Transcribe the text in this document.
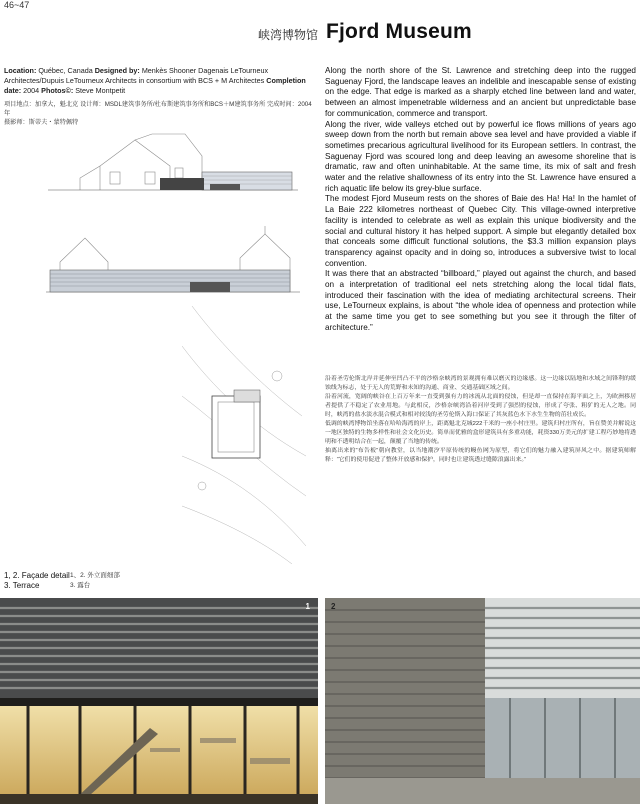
46~47
峡湾博物馆 Fjord Museum
Location: Québec, Canada Designed by: Menkès Shooner Dagenais LeTourneux Architectes/Dupuis LeTourneux Architects in consortium with BCS + M Architectes Completion date: 2004 Photos©: Steve Montpetit
项目地点：加拿大，魁北克 设计师：MSDL建筑事务所/杜布斯建筑事务所和BCS＋M建筑事务所 完成时间：2004年
摄影师：斯蒂夫・蒙特佩特

Along the north shore of the St. Lawrence and stretching deep into the rugged Saguenay Fjord, the landscape leaves an indelible and inescapable sense of existing on the edge. That edge is marked as a sharply etched line between land and water, between an almost impenetrable wilderness and an ancient but unpredictable base for communication, commerce and transport.

Along the river, wide valleys etched out by powerful ice flows millions of years ago sweep down from the north but remain above sea level and have provided a viable if sometimes precarious agricultural livelihood for its European settlers. In contrast, the Saguenay Fjord was scoured long and deep leaving an awesome shoreline that is dramatic, raw and often uninhabitable. At the same time, its mix of salt and fresh water and the relative shallowness of its entry into the St. Lawrence have ensured a rich aquatic life below its grey-blue surface.

The modest Fjord Museum rests on the shores of Baie des Ha! Ha! In the hamlet of La Baie 222 kilometres northeast of Quebec City. This village-owned interpretive facility is intended to celebrate as well as explain this unique biodiversity and the social and cultural history it has helped support. A simple but elegantly detailed box that conceals some difficult functional solutions, the $3.3 million expansion plays transparency against opacity and in doing so, introduces a subversive twist to local convention.

It was there that an abstracted “billboard,” played out against the church, and based on a interpretation of traditional eel nets stretching along the local tidal flats, introduced their fascination with the idea of mediating architectural screens. Their use, LeTourneux explains, is about “the whole idea of openness and protection while at the same time you get to see something but you see it through the filter of architecture.”

沿着圣劳伦斯北岸并延伸至凹凸不平的沙格奈峡湾的景观拥有难以磨灭的边缘感。这一边缘以陆地和水域之间锋利的缓蚀线为标志，处于无人的荒野和未知的沟通、商业、交通基础区域之间。

沿着河流，宽阔的峡谷在上百万年来一直受到强有力的冰流从北面的侵蚀，但是却一直保持在海平面之上，为欧洲移居者提供了不稳定了农业用地。与此相反，沙格奈峡湾沿着河岸受到了强烈的侵蚀，形成了夸张、粗犷的无人之地。同时，峡湾的盐水淡水混合模式和相对较浅的圣劳伦斯入海口保证了其灰蓝色水下水生生物的茁壮成长。

低调的峡湾博物馆坐落在哈哈海湾的岸上，距离魁北克城222千米的一座小村庄里。建筑归村庄所有，旨在赞美并解说这一地区独特的生物多样性和社会文化历史。简单而优雅的盒形建筑具有多重功能，耗资330万美元的扩建工程巧妙地将透明和不透明结合在一起，颠覆了当地的传统。

抽离出来的“布告板”朝向教堂，以当地潮汐平原传统的鳗鱼网为原型，将它们的魅力融入建筑屏风之中。据建筑师解释：“它们的使用促进了整体开放感和保护，同时也让建筑透过缝隙浪露出来。”

1, 2. Façade detail
3. Terrace
1、2. 外立面细部
3. 露台
1	2
